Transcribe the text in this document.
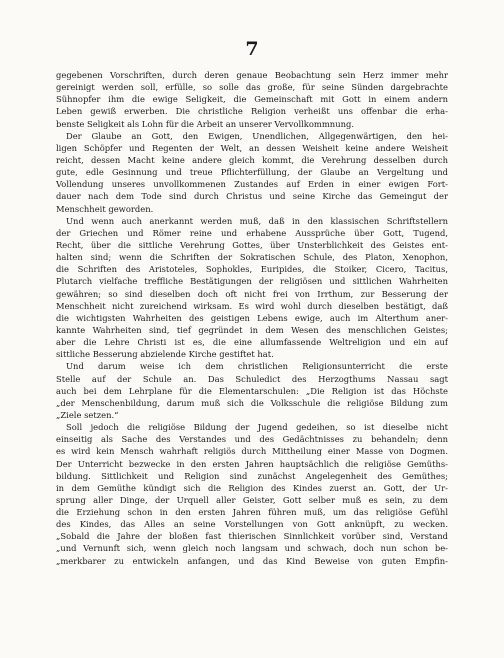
7
gegebenen Vorschriften, durch deren genaue Beobachtung sein Herz immer mehr
gereinigt werden soll, erfülle, so solle das große, für seine Sünden dargebrachte
Sühnopfer ihm die ewige Seligkeit, die Gemeinschaft mit Gott in einem andern
Leben gewiß erwerben. Die christliche Religion verheißt uns offenbar die erha-
benste Seligkeit als Lohn für die Arbeit an unserer Vervollkommnung.
Der Glaube an Gott, den Ewigen, Unendlichen, Allgegenwärtigen, den hei-
ligen Schöpfer und Regenten der Welt, an dessen Weisheit keine andere Weisheit
reicht, dessen Macht keine andere gleich kommt, die Verehrung desselben durch
gute, edle Gesinnung und treue Pflichterfüllung, der Glaube an Vergeltung und
Vollendung unseres unvollkommenen Zustandes auf Erden in einer ewigen Fort-
dauer nach dem Tode sind durch Christus und seine Kirche das Gemeingut der
Menschheit geworden.
Und wenn auch anerkannt werden muß, daß in den klassischen Schriftstellern
der Griechen und Römer reine und erhabene Aussprüche über Gott, Tugend,
Recht, über die sittliche Verehrung Gottes, über Unsterblichkeit des Geistes ent-
halten sind; wenn die Schriften der Sokratischen Schule, des Platon, Xenophon,
die Schriften des Aristoteles, Sophokles, Euripides, die Stoiker, Cicero, Tacitus,
Plutarch vielfache treffliche Bestätigungen der religiösen und sittlichen Wahrheiten
gewähren; so sind dieselben doch oft nicht frei von Irrthum, zur Besserung der
Menschheit nicht zureichend wirksam. Es wird wohl durch dieselben bestätigt, daß
die wichtigsten Wahrheiten des geistigen Lebens ewige, auch im Alterthum aner-
kannte Wahrheiten sind, tief gegründet in dem Wesen des menschlichen Geistes;
aber die Lehre Christi ist es, die eine allumfassende Weltreligion und ein auf
sittliche Besserung abzielende Kirche gestiftet hat.
Und darum weise ich dem christlichen Religionsunterricht die erste
Stelle auf der Schule an. Das Schuledict des Herzogthums Nassau sagt
auch bei dem Lehrplane für die Elementarschulen: „Die Religion ist das Höchste
„der Menschenbildung, darum muß sich die Volksschule die religiöse Bildung zum
„Ziele setzen.“
Soll jedoch die religiöse Bildung der Jugend gedeihen, so ist dieselbe nicht
einseitig als Sache des Verstandes und des Gedächtnisses zu behandeln; denn
es wird kein Mensch wahrhaft religiös durch Mittheilung einer Masse von Dogmen.
Der Unterricht bezwecke in den ersten Jahren hauptsächlich die religiöse Gemüths-
bildung. Sittlichkeit und Religion sind zunächst Angelegenheit des Gemüthes;
in dem Gemüthe kündigt sich die Religion des Kindes zuerst an. Gott, der Ur-
sprung aller Dinge, der Urquell aller Geister, Gott selber muß es sein, zu dem
die Erziehung schon in den ersten Jahren führen muß, um das religiöse Gefühl
des Kindes, das Alles an seine Vorstellungen von Gott anknüpft, zu wecken.
„Sobald die Jahre der bloßen fast thierischen Sinnlichkeit vorüber sind, Verstand
„und Vernunft sich, wenn gleich noch langsam und schwach, doch nun schon be-
„merkbarer zu entwickeln anfangen, und das Kind Beweise von guten Empfin-
